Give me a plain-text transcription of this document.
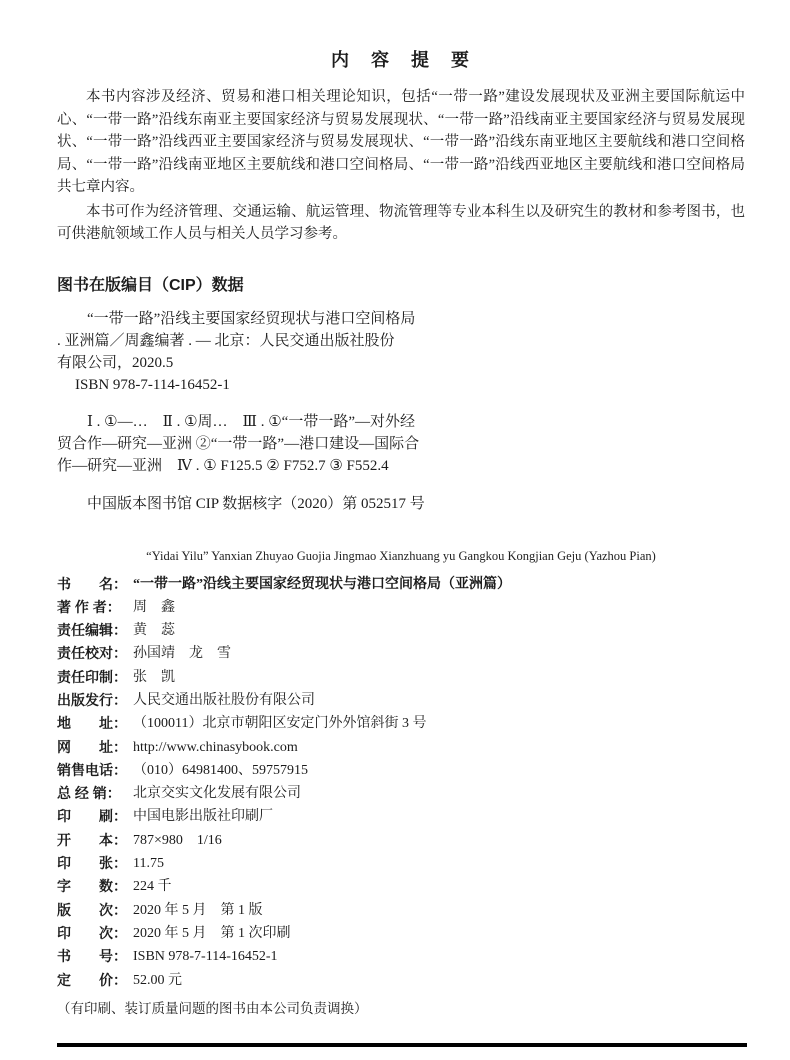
内　容　提　要

本书内容涉及经济、贸易和港口相关理论知识，包括“一带一路”建设发展现状及亚洲主要国际航运中心、“一带一路”沿线东南亚主要国家经济与贸易发展现状、“一带一路”沿线南亚主要国家经济与贸易发展现状、“一带一路”沿线西亚主要国家经济与贸易发展现状、“一带一路”沿线东南亚地区主要航线和港口空间格局、“一带一路”沿线南亚地区主要航线和港口空间格局、“一带一路”沿线西亚地区主要航线和港口空间格局共七章内容。

本书可作为经济管理、交通运输、航运管理、物流管理等专业本科生以及研究生的教材和参考图书，也可供港航领域工作人员与相关人员学习参考。

图书在版编目（CIP）数据
“一带一路”沿线主要国家经贸现状与港口空间格局
. 亚洲篇／周鑫编著 . — 北京：人民交通出版社股份
有限公司，2020.5
ISBN 978-7-114-16452-1
Ⅰ . ①—…　Ⅱ . ①周…　Ⅲ . ①“一带一路”—对外经
贸合作—研究—亚洲 ②“一带一路”—港口建设—国际合
作—研究—亚洲　Ⅳ . ① F125.5 ② F752.7 ③ F552.4
中国版本图书馆 CIP 数据核字（2020）第 052517 号
“Yidai Yilu” Yanxian Zhuyao Guojia Jingmao Xianzhuang yu Gangkou Kongjian Geju (Yazhou Pian)
书　　名： “一带一路”沿线主要国家经贸现状与港口空间格局（亚洲篇）
著 作 者： 周　鑫
责任编辑： 黄　蕊
责任校对： 孙国靖　龙　雪
责任印制： 张　凯
出版发行： 人民交通出版社股份有限公司
地　　址： （100011）北京市朝阳区安定门外外馆斜街 3 号
网　　址： http://www.chinasybook.com
销售电话： （010）64981400、59757915
总 经 销： 北京交实文化发展有限公司
印　　刷： 中国电影出版社印刷厂
开　　本： 787×980　1/16
印　　张： 11.75
字　　数： 224 千
版　　次： 2020 年 5 月　第 1 版
印　　次： 2020 年 5 月　第 1 次印刷
书　　号： ISBN 978-7-114-16452-1
定　　价： 52.00 元
（有印刷、装订质量问题的图书由本公司负责调换）
